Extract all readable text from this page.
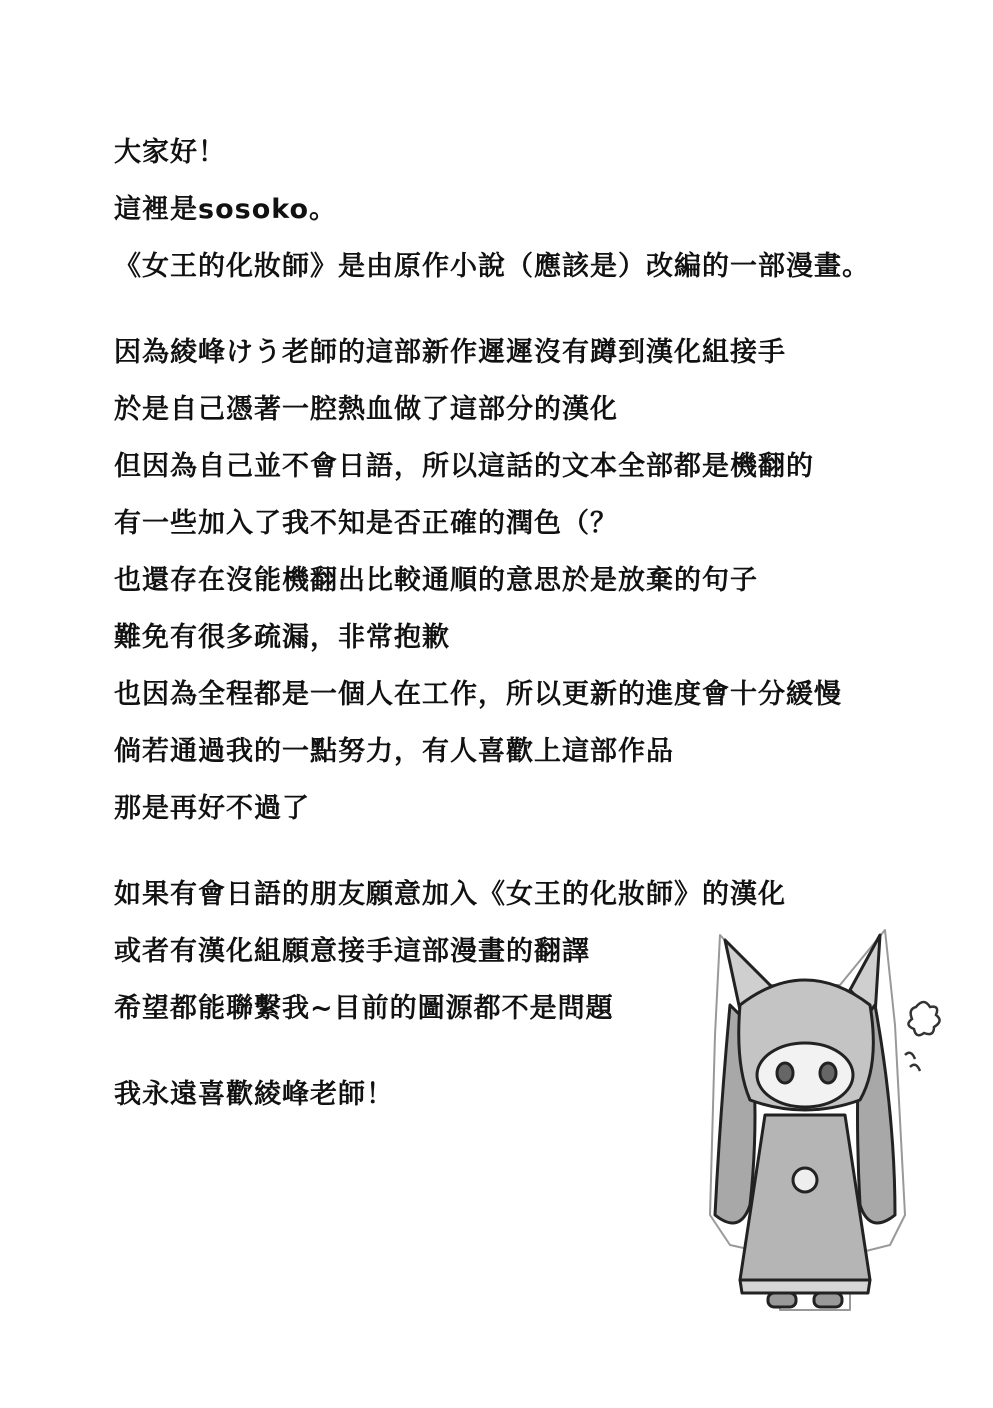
大家好！
這裡是sosoko。
《女王的化妝師》是由原作小說（應該是）改編的一部漫畫。
因為綾峰けう老師的這部新作遲遲沒有蹲到漢化組接手
於是自己憑著一腔熱血做了這部分的漢化
但因為自己並不會日語，所以這話的文本全部都是機翻的
有一些加入了我不知是否正確的潤色（？
也還存在沒能機翻出比較通順的意思於是放棄的句子
難免有很多疏漏，非常抱歉
也因為全程都是一個人在工作，所以更新的進度會十分緩慢
倘若通過我的一點努力，有人喜歡上這部作品
那是再好不過了
如果有會日語的朋友願意加入《女王的化妝師》的漢化
或者有漢化組願意接手這部漫畫的翻譯
希望都能聯繫我~目前的圖源都不是問題
我永遠喜歡綾峰老師！
